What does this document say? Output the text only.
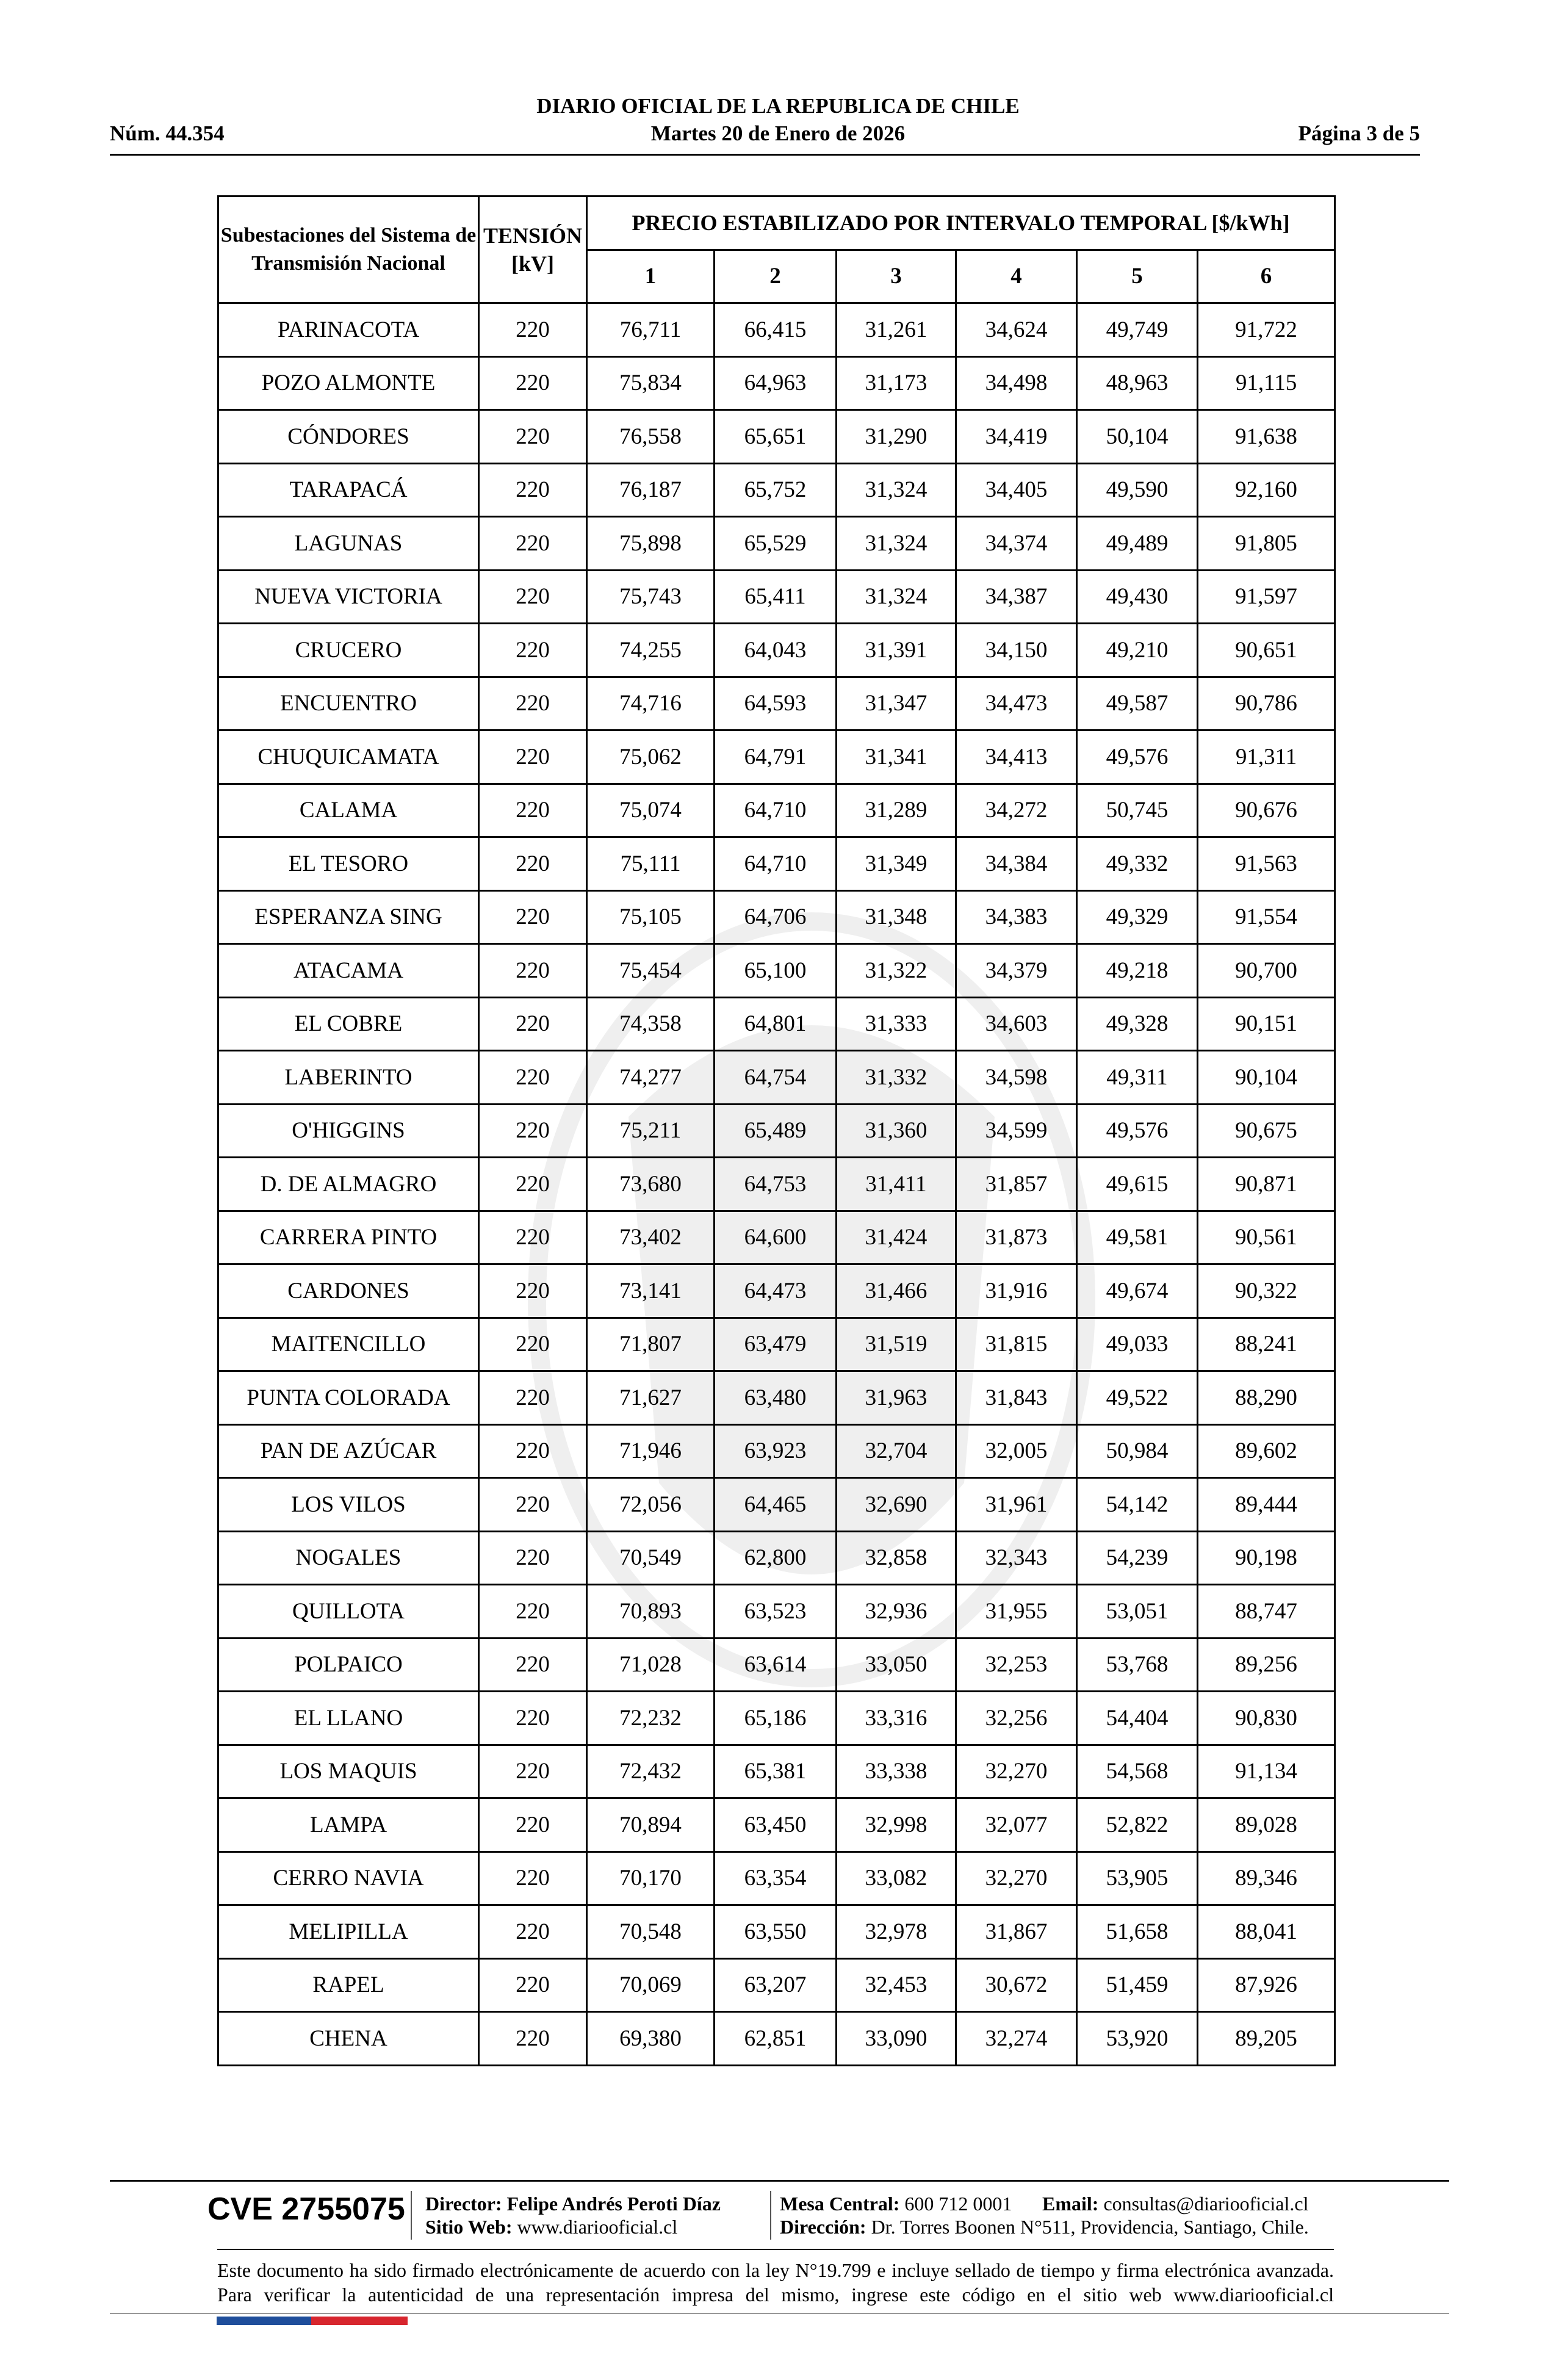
DIARIO OFICIAL DE LA REPUBLICA DE CHILE
Núm. 44.354	Martes 20 de Enero de 2026	Página 3 de 5
Subestaciones del Sistema de Transmisión Nacional	TENSIÓN [kV]	PRECIO ESTABILIZADO POR INTERVALO TEMPORAL [$/kWh]					
		1	2	3	4	5	6
PARINACOTA	220	76,711	66,415	31,261	34,624	49,749	91,722
POZO ALMONTE	220	75,834	64,963	31,173	34,498	48,963	91,115
CÓNDORES	220	76,558	65,651	31,290	34,419	50,104	91,638
TARAPACÁ	220	76,187	65,752	31,324	34,405	49,590	92,160
LAGUNAS	220	75,898	65,529	31,324	34,374	49,489	91,805
NUEVA VICTORIA	220	75,743	65,411	31,324	34,387	49,430	91,597
CRUCERO	220	74,255	64,043	31,391	34,150	49,210	90,651
ENCUENTRO	220	74,716	64,593	31,347	34,473	49,587	90,786
CHUQUICAMATA	220	75,062	64,791	31,341	34,413	49,576	91,311
CALAMA	220	75,074	64,710	31,289	34,272	50,745	90,676
EL TESORO	220	75,111	64,710	31,349	34,384	49,332	91,563
ESPERANZA SING	220	75,105	64,706	31,348	34,383	49,329	91,554
ATACAMA	220	75,454	65,100	31,322	34,379	49,218	90,700
EL COBRE	220	74,358	64,801	31,333	34,603	49,328	90,151
LABERINTO	220	74,277	64,754	31,332	34,598	49,311	90,104
O'HIGGINS	220	75,211	65,489	31,360	34,599	49,576	90,675
D. DE ALMAGRO	220	73,680	64,753	31,411	31,857	49,615	90,871
CARRERA PINTO	220	73,402	64,600	31,424	31,873	49,581	90,561
CARDONES	220	73,141	64,473	31,466	31,916	49,674	90,322
MAITENCILLO	220	71,807	63,479	31,519	31,815	49,033	88,241
PUNTA COLORADA	220	71,627	63,480	31,963	31,843	49,522	88,290
PAN DE AZÚCAR	220	71,946	63,923	32,704	32,005	50,984	89,602
LOS VILOS	220	72,056	64,465	32,690	31,961	54,142	89,444
NOGALES	220	70,549	62,800	32,858	32,343	54,239	90,198
QUILLOTA	220	70,893	63,523	32,936	31,955	53,051	88,747
POLPAICO	220	71,028	63,614	33,050	32,253	53,768	89,256
EL LLANO	220	72,232	65,186	33,316	32,256	54,404	90,830
LOS MAQUIS	220	72,432	65,381	33,338	32,270	54,568	91,134
LAMPA	220	70,894	63,450	32,998	32,077	52,822	89,028
CERRO NAVIA	220	70,170	63,354	33,082	32,270	53,905	89,346
MELIPILLA	220	70,548	63,550	32,978	31,867	51,658	88,041
RAPEL	220	70,069	63,207	32,453	30,672	51,459	87,926
CHENA	220	69,380	62,851	33,090	32,274	53,920	89,205
CVE 2755075 Director: Felipe Andrés Peroti Díaz
Sitio Web: www.diariooficial.cl
Mesa Central: 600 712 0001 Email: consultas@diariooficial.cl
Dirección: Dr. Torres Boonen N°511, Providencia, Santiago, Chile.
Este documento ha sido firmado electrónicamente de acuerdo con la ley N°19.799 e incluye sellado de tiempo y firma electrónica avanzada. Para verificar la autenticidad de una representación impresa del mismo, ingrese este código en el sitio web www.diariooficial.cl
